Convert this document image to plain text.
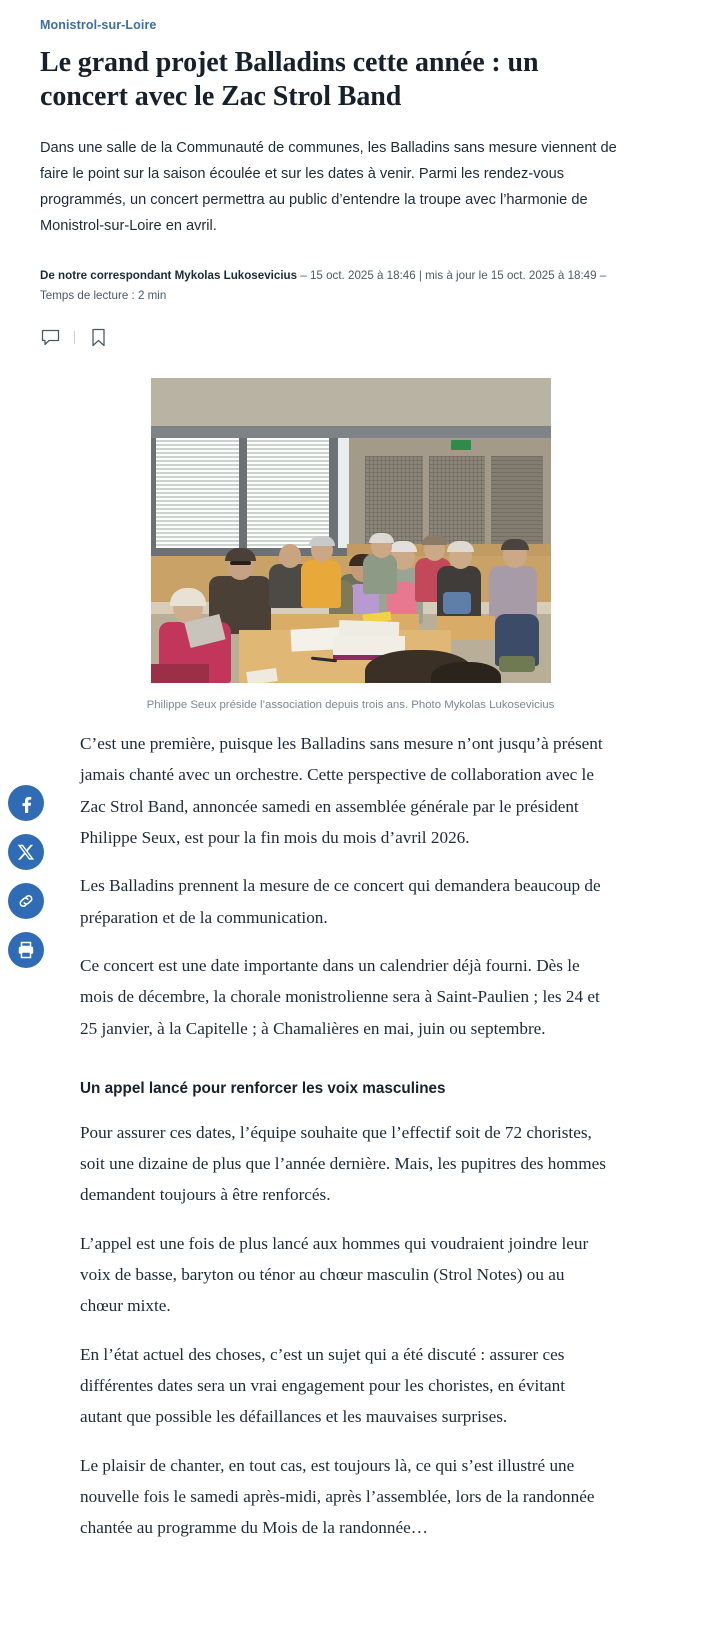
Monistrol-sur-Loire
Le grand projet Balladins cette année : un concert avec le Zac Strol Band

Dans une salle de la Communauté de communes, les Balladins sans mesure viennent de faire le point sur la saison écoulée et sur les dates à venir. Parmi les rendez-vous programmés, un concert permettra au public d’entendre la troupe avec l’harmonie de Monistrol-sur-Loire en avril.

De notre correspondant Mykolas Lukosevicius – 15 oct. 2025 à 18:46 | mis à jour le 15 oct. 2025 à 18:49 – Temps de lecture : 2 min
Philippe Seux préside l’association depuis trois ans. Photo Mykolas Lukosevicius

C’est une première, puisque les Balladins sans mesure n’ont jusqu’à présent jamais chanté avec un orchestre. Cette perspective de collaboration avec le Zac Strol Band, annoncée samedi en assemblée générale par le président Philippe Seux, est pour la fin mois du mois d’avril 2026.

Les Balladins prennent la mesure de ce concert qui demandera beaucoup de préparation et de la communication.

Ce concert est une date importante dans un calendrier déjà fourni. Dès le mois de décembre, la chorale monistrolienne sera à Saint-Paulien ; les 24 et 25 janvier, à la Capitelle ; à Chamalières en mai, juin ou septembre.

Un appel lancé pour renforcer les voix masculines

Pour assurer ces dates, l’équipe souhaite que l’effectif soit de 72 choristes, soit une dizaine de plus que l’année dernière. Mais, les pupitres des hommes demandent toujours à être renforcés.

L’appel est une fois de plus lancé aux hommes qui voudraient joindre leur voix de basse, baryton ou ténor au chœur masculin (Strol Notes) ou au chœur mixte.

En l’état actuel des choses, c’est un sujet qui a été discuté : assurer ces différentes dates sera un vrai engagement pour les choristes, en évitant autant que possible les défaillances et les mauvaises surprises.

Le plaisir de chanter, en tout cas, est toujours là, ce qui s’est illustré une nouvelle fois le samedi après-midi, après l’assemblée, lors de la randonnée chantée au programme du Mois de la randonnée…
